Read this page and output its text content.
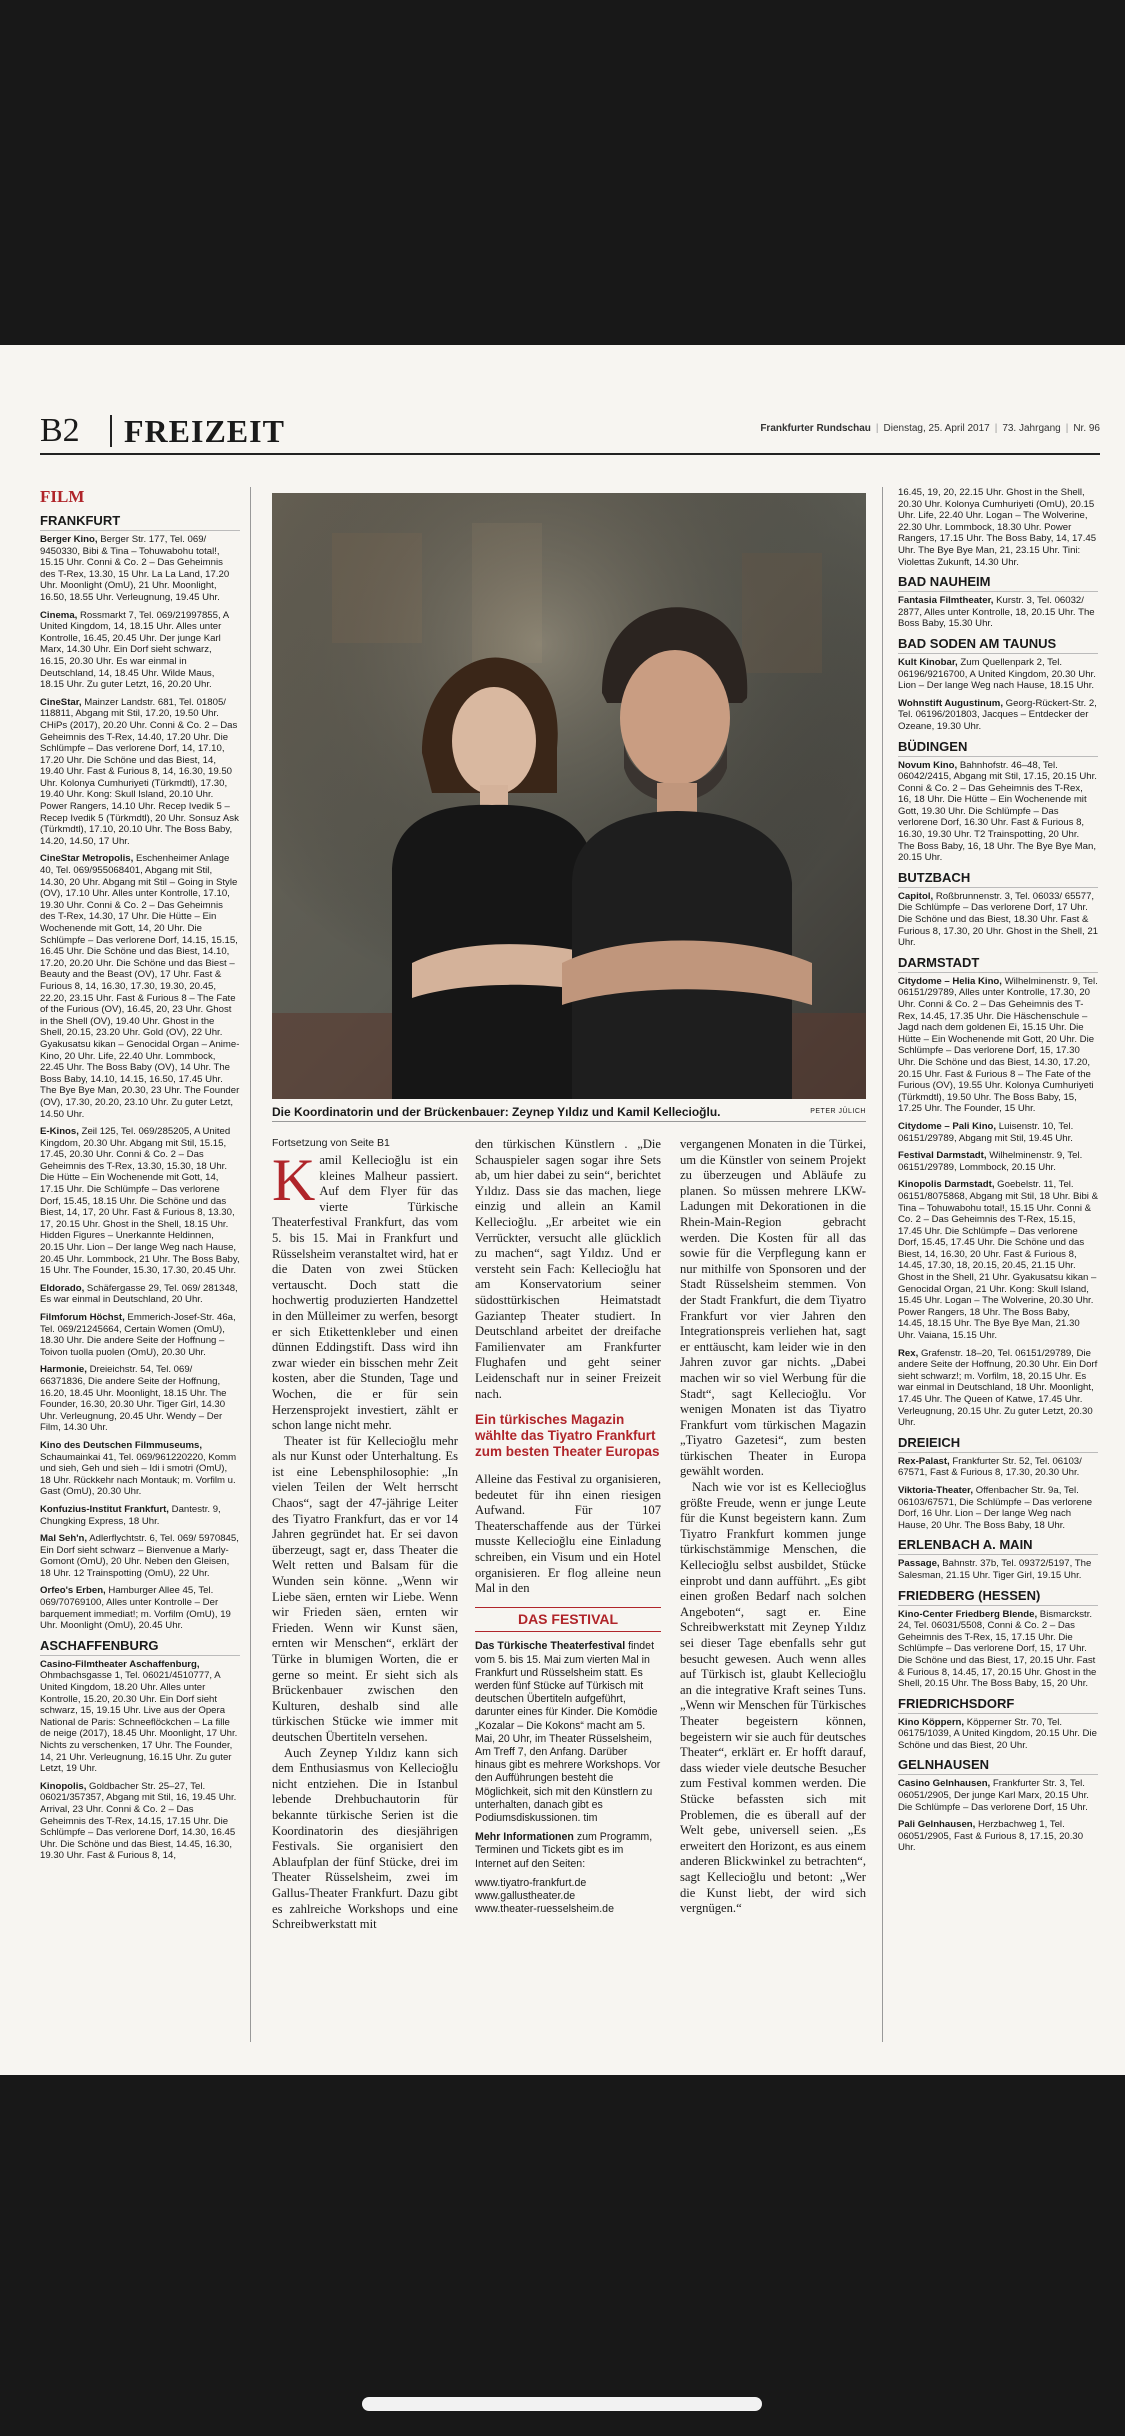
B2 FREIZEIT	Frankfurter Rundschau | Dienstag, 25. April 2017 | 73. Jahrgang | Nr. 96
FILM
FRANKFURT
Berger Kino, Berger Str. 177, Tel. 069/ 9450330, Bibi & Tina – Tohuwabohu total!, 15.15 Uhr. Conni & Co. 2 – Das Geheimnis des T-Rex, 13.30, 15 Uhr. La La Land, 17.20 Uhr. Moonlight (OmU), 21 Uhr. Moonlight, 16.50, 18.55 Uhr. Verleugnung, 19.45 Uhr.
Cinema, Rossmarkt 7, Tel. 069/21997855, A United Kingdom, 14, 18.15 Uhr. Alles unter Kontrolle, 16.45, 20.45 Uhr. Der junge Karl Marx, 14.30 Uhr. Ein Dorf sieht schwarz, 16.15, 20.30 Uhr. Es war einmal in Deutschland, 14, 18.45 Uhr. Wilde Maus, 18.15 Uhr. Zu guter Letzt, 16, 20.20 Uhr.
CineStar, Mainzer Landstr. 681, Tel. 01805/ 118811, Abgang mit Stil, 17.20, 19.50 Uhr. CHiPs (2017), 20.20 Uhr. Conni & Co. 2 – Das Geheimnis des T-Rex, 14.40, 17.20 Uhr. Die Schlümpfe – Das verlorene Dorf, 14, 17.10, 17.20 Uhr. Die Schöne und das Biest, 14, 19.40 Uhr. Fast & Furious 8, 14, 16.30, 19.50 Uhr. Kolonya Cumhuriyeti (Türkmdtl), 17.30, 19.40 Uhr. Kong: Skull Island, 20.10 Uhr. Power Rangers, 14.10 Uhr. Recep Ivedik 5 – Recep Ivedik 5 (Türkmdtl), 20 Uhr. Sonsuz Ask (Türkmdtl), 17.10, 20.10 Uhr. The Boss Baby, 14.20, 14.50, 17 Uhr.
CineStar Metropolis, Eschenheimer Anlage 40, Tel. 069/955068401, Abgang mit Stil, 14.30, 20 Uhr. Abgang mit Stil – Going in Style (OV), 17.10 Uhr. Alles unter Kontrolle, 17.10, 19.30 Uhr. Conni & Co. 2 – Das Geheimnis des T-Rex, 14.30, 17 Uhr. Die Hütte – Ein Wochenende mit Gott, 14, 20 Uhr. Die Schlümpfe – Das verlorene Dorf, 14.15, 15.15, 16.45 Uhr. Die Schöne und das Biest, 14.10, 17.20, 20.20 Uhr. Die Schöne und das Biest – Beauty and the Beast (OV), 17 Uhr. Fast & Furious 8, 14, 16.30, 17.30, 19.30, 20.45, 22.20, 23.15 Uhr. Fast & Furious 8 – The Fate of the Furious (OV), 16.45, 20, 23 Uhr. Ghost in the Shell (OV), 19.40 Uhr. Ghost in the Shell, 20.15, 23.20 Uhr. Gold (OV), 22 Uhr. Gyakusatsu kikan – Genocidal Organ – Anime-Kino, 20 Uhr. Life, 22.40 Uhr. Lommbock, 22.45 Uhr. The Boss Baby (OV), 14 Uhr. The Boss Baby, 14.10, 14.15, 16.50, 17.45 Uhr. The Bye Bye Man, 20.30, 23 Uhr. The Founder (OV), 17.30, 20.20, 23.10 Uhr. Zu guter Letzt, 14.50 Uhr.
E-Kinos, Zeil 125, Tel. 069/285205, A United Kingdom, 20.30 Uhr. Abgang mit Stil, 15.15, 17.45, 20.30 Uhr. Conni & Co. 2 – Das Geheimnis des T-Rex, 13.30, 15.30, 18 Uhr. Die Hütte – Ein Wochenende mit Gott, 14, 17.15 Uhr. Die Schlümpfe – Das verlorene Dorf, 15.45, 18.15 Uhr. Die Schöne und das Biest, 14, 17, 20 Uhr. Fast & Furious 8, 13.30, 17, 20.15 Uhr. Ghost in the Shell, 18.15 Uhr. Hidden Figures – Unerkannte Heldinnen, 20.15 Uhr. Lion – Der lange Weg nach Hause, 20.45 Uhr. Lommbock, 21 Uhr. The Boss Baby, 15 Uhr. The Founder, 15.30, 17.30, 20.45 Uhr.
Eldorado, Schäfergasse 29, Tel. 069/ 281348, Es war einmal in Deutschland, 20 Uhr.
Filmforum Höchst, Emmerich-Josef-Str. 46a, Tel. 069/21245664, Certain Women (OmU), 18.30 Uhr. Die andere Seite der Hoffnung – Toivon tuolla puolen (OmU), 20.30 Uhr.
Harmonie, Dreieichstr. 54, Tel. 069/ 66371836, Die andere Seite der Hoffnung, 16.20, 18.45 Uhr. Moonlight, 18.15 Uhr. The Founder, 16.30, 20.30 Uhr. Tiger Girl, 14.30 Uhr. Verleugnung, 20.45 Uhr. Wendy – Der Film, 14.30 Uhr.
Kino des Deutschen Filmmuseums, Schaumainkai 41, Tel. 069/961220220, Komm und sieh, Geh und sieh – Idi i smotri (OmU), 18 Uhr. Rückkehr nach Montauk; m. Vorfilm u. Gast (OmU), 20.30 Uhr.
Konfuzius-Institut Frankfurt, Dantestr. 9, Chungking Express, 18 Uhr.
Mal Seh'n, Adlerflychtstr. 6, Tel. 069/ 5970845, Ein Dorf sieht schwarz – Bienvenue a Marly-Gomont (OmU), 20 Uhr. Neben den Gleisen, 18 Uhr. 12 Trainspotting (OmU), 22 Uhr.
Orfeo's Erben, Hamburger Allee 45, Tel. 069/70769100, Alles unter Kontrolle – Der barquement immediat!; m. Vorfilm (OmU), 19 Uhr. Moonlight (OmU), 20.45 Uhr.
ASCHAFFENBURG
Casino-Filmtheater Aschaffenburg, Ohmbachsgasse 1, Tel. 06021/4510777, A United Kingdom, 18.20 Uhr. Alles unter Kontrolle, 15.20, 20.30 Uhr. Ein Dorf sieht schwarz, 15, 19.15 Uhr. Live aus der Opera National de Paris: Schneeflöckchen – La fille de neige (2017), 18.45 Uhr. Moonlight, 17 Uhr. Nichts zu verschenken, 17 Uhr. The Founder, 14, 21 Uhr. Verleugnung, 16.15 Uhr. Zu guter Letzt, 19 Uhr.
Kinopolis, Goldbacher Str. 25–27, Tel. 06021/357357, Abgang mit Stil, 16, 19.45 Uhr. Arrival, 23 Uhr. Conni & Co. 2 – Das Geheimnis des T-Rex, 14.15, 17.15 Uhr. Die Schlümpfe – Das verlorene Dorf, 14.30, 16.45 Uhr. Die Schöne und das Biest, 14.45, 16.30, 19.30 Uhr. Fast & Furious 8, 14,
Die Koordinatorin und der Brückenbauer: Zeynep Yıldız und Kamil Kellecioğlu.	PETER JÜLICH
Fortsetzung von Seite B1
K amil Kellecioğlu ist ein kleines Malheur passiert. Auf dem Flyer für das vierte Türkische Theaterfestival Frankfurt, das vom 5. bis 15. Mai in Frankfurt und Rüsselsheim veranstaltet wird, hat er die Daten von zwei Stücken vertauscht. Doch statt die hochwertig produzierten Handzettel in den Mülleimer zu werfen, besorgt er sich Etikettenkleber und einen dünnen Eddingstift. Dass wird ihn zwar wieder ein bisschen mehr Zeit kosten, aber die Stunden, Tage und Wochen, die er für sein Herzensprojekt investiert, zählt er schon lange nicht mehr.

Theater ist für Kellecioğlu mehr als nur Kunst oder Unterhaltung. Es ist eine Lebensphilosophie: „In vielen Teilen der Welt herrscht Chaos“, sagt der 47-jährige Leiter des Tiyatro Frankfurt, das er vor 14 Jahren gegründet hat. Er sei davon überzeugt, sagt er, dass Theater die Welt retten und Balsam für die Wunden sein könne. „Wenn wir Liebe säen, ernten wir Liebe. Wenn wir Frieden säen, ernten wir Frieden. Wenn wir Kunst säen, ernten wir Menschen“, erklärt der Türke in blumigen Worten, die er gerne so meint. Er sieht sich als Brückenbauer zwischen den Kulturen, deshalb sind alle türkischen Stücke wie immer mit deutschen Übertiteln versehen.

Auch Zeynep Yıldız kann sich dem Enthusiasmus von Kellecioğlu nicht entziehen. Die in Istanbul lebende Drehbuchautorin für bekannte türkische Serien ist die Koordinatorin des diesjährigen Festivals. Sie organisiert den Ablaufplan der fünf Stücke, drei im Theater Rüsselsheim, zwei im Gallus-Theater Frankfurt. Dazu gibt es zahlreiche Workshops und eine Schreibwerkstatt mit

den türkischen Künstlern . „Die Schauspieler sagen sogar ihre Sets ab, um hier dabei zu sein“, berichtet Yıldız. Dass sie das machen, liege einzig und allein an Kamil Kellecioğlu. „Er arbeitet wie ein Verrückter, versucht alle glücklich zu machen“, sagt Yıldız. Und er versteht sein Fach: Kellecioğlu hat am Konservatorium seiner südosttürkischen Heimatstadt Gaziantep Theater studiert. In Deutschland arbeitet der dreifache Familienvater am Frankfurter Flughafen und geht seiner Leidenschaft nur in seiner Freizeit nach.

Ein türkisches Magazin wählte das Tiyatro Frankfurt zum besten Theater Europas

Alleine das Festival zu organisieren, bedeutet für ihn einen riesigen Aufwand. Für 107 Theaterschaffende aus der Türkei musste Kellecioğlu eine Einladung schreiben, ein Visum und ein Hotel organisieren. Er flog alleine neun Mal in den

DAS FESTIVAL

Das Türkische Theaterfestival findet vom 5. bis 15. Mai zum vierten Mal in Frankfurt und Rüsselsheim statt. Es werden fünf Stücke auf Türkisch mit deutschen Übertiteln aufgeführt, darunter eines für Kinder. Die Komödie „Kozalar – Die Kokons“ macht am 5. Mai, 20 Uhr, im Theater Rüsselsheim, Am Treff 7, den Anfang. Darüber hinaus gibt es mehrere Workshops. Vor den Aufführungen besteht die Möglichkeit, sich mit den Künstlern zu unterhalten, danach gibt es Podiumsdiskussionen. tim

Mehr Informationen zum Programm, Terminen und Tickets gibt es im Internet auf den Seiten:

www.tiyatro-frankfurt.de
www.gallustheater.de
www.theater-ruesselsheim.de

vergangenen Monaten in die Türkei, um die Künstler von seinem Projekt zu überzeugen und Abläufe zu planen. So müssen mehrere LKW-Ladungen mit Dekorationen in die Rhein-Main-Region gebracht werden. Die Kosten für all das sowie für die Verpflegung kann er nur mithilfe von Sponsoren und der Stadt Rüsselsheim stemmen. Von der Stadt Frankfurt, die dem Tiyatro Frankfurt vor vier Jahren den Integrationspreis verliehen hat, sagt er enttäuscht, kam leider wie in den Jahren zuvor gar nichts. „Dabei machen wir so viel Werbung für die Stadt“, sagt Kellecioğlu. Vor wenigen Monaten ist das Tiyatro Frankfurt vom türkischen Magazin „Tiyatro Gazetesi“, zum besten türkischen Theater in Europa gewählt worden.

Nach wie vor ist es Kellecioğlus größte Freude, wenn er junge Leute für die Kunst begeistern kann. Zum Tiyatro Frankfurt kommen junge türkischstämmige Menschen, die Kellecioğlu selbst ausbildet, Stücke einprobt und dann aufführt. „Es gibt einen großen Bedarf nach solchen Angeboten“, sagt er. Eine Schreibwerkstatt mit Zeynep Yıldız sei dieser Tage ebenfalls sehr gut besucht gewesen. Auch wenn alles auf Türkisch ist, glaubt Kellecioğlu an die integrative Kraft seines Tuns. „Wenn wir Menschen für Türkisches Theater begeistern können, begeistern wir sie auch für deutsches Theater“, erklärt er. Er hofft darauf, dass wieder viele deutsche Besucher zum Festival kommen werden. Die Stücke befassten sich mit Problemen, die es überall auf der Welt gebe, universell seien. „Es erweitert den Horizont, es aus einem anderen Blickwinkel zu betrachten“, sagt Kellecioğlu und betont: „Wer die Kunst liebt, der wird sich vergnügen.“

16.45, 19, 20, 22.15 Uhr. Ghost in the Shell, 20.30 Uhr. Kolonya Cumhuriyeti (OmU), 20.15 Uhr. Life, 22.40 Uhr. Logan – The Wolverine, 22.30 Uhr. Lommbock, 18.30 Uhr. Power Rangers, 17.15 Uhr. The Boss Baby, 14, 17.45 Uhr. The Bye Bye Man, 21, 23.15 Uhr. Tini: Violettas Zukunft, 14.30 Uhr.
BAD NAUHEIM
Fantasia Filmtheater, Kurstr. 3, Tel. 06032/ 2877, Alles unter Kontrolle, 18, 20.15 Uhr. The Boss Baby, 15.30 Uhr.
BAD SODEN AM TAUNUS
Kult Kinobar, Zum Quellenpark 2, Tel. 06196/9216700, A United Kingdom, 20.30 Uhr. Lion – Der lange Weg nach Hause, 18.15 Uhr.
Wohnstift Augustinum, Georg-Rückert-Str. 2, Tel. 06196/201803, Jacques – Entdecker der Ozeane, 19.30 Uhr.
BÜDINGEN
Novum Kino, Bahnhofstr. 46–48, Tel. 06042/2415, Abgang mit Stil, 17.15, 20.15 Uhr. Conni & Co. 2 – Das Geheimnis des T-Rex, 16, 18 Uhr. Die Hütte – Ein Wochenende mit Gott, 19.30 Uhr. Die Schlümpfe – Das verlorene Dorf, 16.30 Uhr. Fast & Furious 8, 16.30, 19.30 Uhr. T2 Trainspotting, 20 Uhr. The Boss Baby, 16, 18 Uhr. The Bye Bye Man, 20.15 Uhr.
BUTZBACH
Capitol, Roßbrunnenstr. 3, Tel. 06033/ 65577, Die Schlümpfe – Das verlorene Dorf, 17 Uhr. Die Schöne und das Biest, 18.30 Uhr. Fast & Furious 8, 17.30, 20 Uhr. Ghost in the Shell, 21 Uhr.
DARMSTADT
Citydome – Helia Kino, Wilhelminenstr. 9, Tel. 06151/29789, Alles unter Kontrolle, 17.30, 20 Uhr. Conni & Co. 2 – Das Geheimnis des T-Rex, 14.45, 17.35 Uhr. Die Häschenschule – Jagd nach dem goldenen Ei, 15.15 Uhr. Die Hütte – Ein Wochenende mit Gott, 20 Uhr. Die Schlümpfe – Das verlorene Dorf, 15, 17.30 Uhr. Die Schöne und das Biest, 14.30, 17.20, 20.15 Uhr. Fast & Furious 8 – The Fate of the Furious (OV), 19.55 Uhr. Kolonya Cumhuriyeti (Türkmdtl), 19.50 Uhr. The Boss Baby, 15, 17.25 Uhr. The Founder, 15 Uhr.
Citydome – Pali Kino, Luisenstr. 10, Tel. 06151/29789, Abgang mit Stil, 19.45 Uhr.
Festival Darmstadt, Wilhelminenstr. 9, Tel. 06151/29789, Lommbock, 20.15 Uhr.
Kinopolis Darmstadt, Goebelstr. 11, Tel. 06151/8075868, Abgang mit Stil, 18 Uhr. Bibi & Tina – Tohuwabohu total!, 15.15 Uhr. Conni & Co. 2 – Das Geheimnis des T-Rex, 15.15, 17.45 Uhr. Die Schlümpfe – Das verlorene Dorf, 15.45, 17.45 Uhr. Die Schöne und das Biest, 14, 16.30, 20 Uhr. Fast & Furious 8, 14.45, 17.30, 18, 20.15, 20.45, 21.15 Uhr. Ghost in the Shell, 21 Uhr. Gyakusatsu kikan – Genocidal Organ, 21 Uhr. Kong: Skull Island, 15.45 Uhr. Logan – The Wolverine, 20.30 Uhr. Power Rangers, 18 Uhr. The Boss Baby, 14.45, 18.15 Uhr. The Bye Bye Man, 21.30 Uhr. Vaiana, 15.15 Uhr.
Rex, Grafenstr. 18–20, Tel. 06151/29789, Die andere Seite der Hoffnung, 20.30 Uhr. Ein Dorf sieht schwarz!; m. Vorfilm, 18, 20.15 Uhr. Es war einmal in Deutschland, 18 Uhr. Moonlight, 17.45 Uhr. The Queen of Katwe, 17.45 Uhr. Verleugnung, 20.15 Uhr. Zu guter Letzt, 20.30 Uhr.
DREIEICH
Rex-Palast, Frankfurter Str. 52, Tel. 06103/ 67571, Fast & Furious 8, 17.30, 20.30 Uhr.
Viktoria-Theater, Offenbacher Str. 9a, Tel. 06103/67571, Die Schlümpfe – Das verlorene Dorf, 16 Uhr. Lion – Der lange Weg nach Hause, 20 Uhr. The Boss Baby, 18 Uhr.
ERLENBACH A. MAIN
Passage, Bahnstr. 37b, Tel. 09372/5197, The Salesman, 21.15 Uhr. Tiger Girl, 19.15 Uhr.
FRIEDBERG (HESSEN)
Kino-Center Friedberg Blende, Bismarckstr. 24, Tel. 06031/5508, Conni & Co. 2 – Das Geheimnis des T-Rex, 15, 17.15 Uhr. Die Schlümpfe – Das verlorene Dorf, 15, 17 Uhr. Die Schöne und das Biest, 17, 20.15 Uhr. Fast & Furious 8, 14.45, 17, 20.15 Uhr. Ghost in the Shell, 20.15 Uhr. The Boss Baby, 15, 20 Uhr.
FRIEDRICHSDORF
Kino Köppern, Köpperner Str. 70, Tel. 06175/1039, A United Kingdom, 20.15 Uhr. Die Schöne und das Biest, 20 Uhr.
GELNHAUSEN
Casino Gelnhausen, Frankfurter Str. 3, Tel. 06051/2905, Der junge Karl Marx, 20.15 Uhr. Die Schlümpfe – Das verlorene Dorf, 15 Uhr.
Pali Gelnhausen, Herzbachweg 1, Tel. 06051/2905, Fast & Furious 8, 17.15, 20.30 Uhr.
